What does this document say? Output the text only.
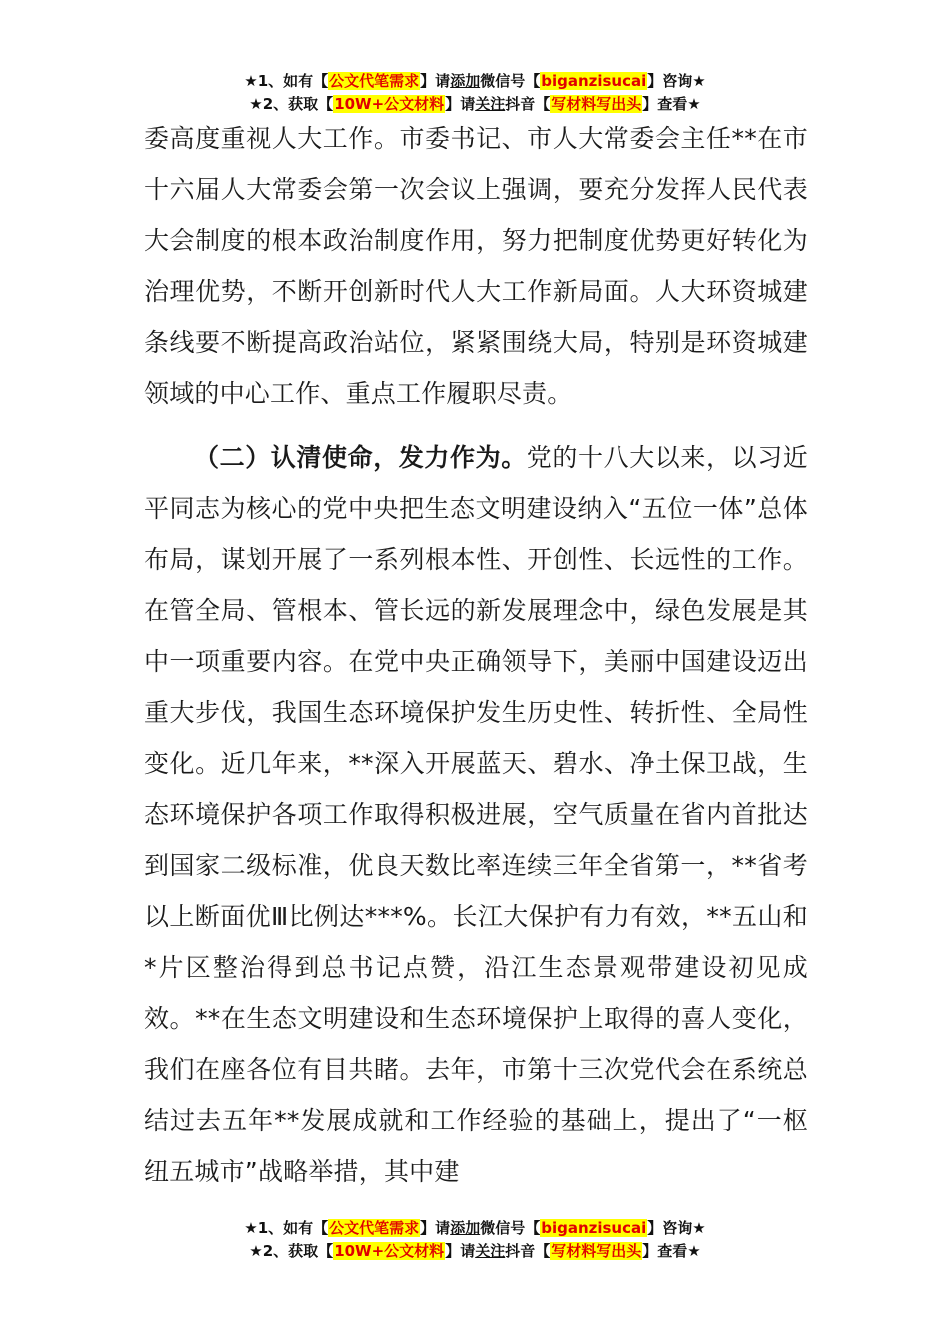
★1、如有【公文代笔需求】请添加微信号【biganzisucai】咨询★
★2、获取【10W+公文材料】请关注抖音【写材料写出头】查看★

委高度重视人大工作。市委书记、市人大常委会主任**在市十六届人大常委会第一次会议上强调，要充分发挥人民代表大会制度的根本政治制度作用，努力把制度优势更好转化为治理优势，不断开创新时代人大工作新局面。人大环资城建条线要不断提高政治站位，紧紧围绕大局，特别是环资城建领域的中心工作、重点工作履职尽责。

（二）认清使命，发力作为。党的十八大以来，以习近平同志为核心的党中央把生态文明建设纳入“五位一体”总体布局，谋划开展了一系列根本性、开创性、长远性的工作。在管全局、管根本、管长远的新发展理念中，绿色发展是其中一项重要内容。在党中央正确领导下，美丽中国建设迈出重大步伐，我国生态环境保护发生历史性、转折性、全局性变化。近几年来，**深入开展蓝天、碧水、净土保卫战，生态环境保护各项工作取得积极进展，空气质量在省内首批达到国家二级标准，优良天数比率连续三年全省第一，**省考以上断面优Ⅲ比例达***%。长江大保护有力有效，**五山和*片区整治得到总书记点赞，沿江生态景观带建设初见成效。**在生态文明建设和生态环境保护上取得的喜人变化，我们在座各位有目共睹。去年，市第十三次党代会在系统总结过去五年**发展成就和工作经验的基础上，提出了“一枢纽五城市”战略举措，其中建

★1、如有【公文代笔需求】请添加微信号【biganzisucai】咨询★
★2、获取【10W+公文材料】请关注抖音【写材料写出头】查看★
